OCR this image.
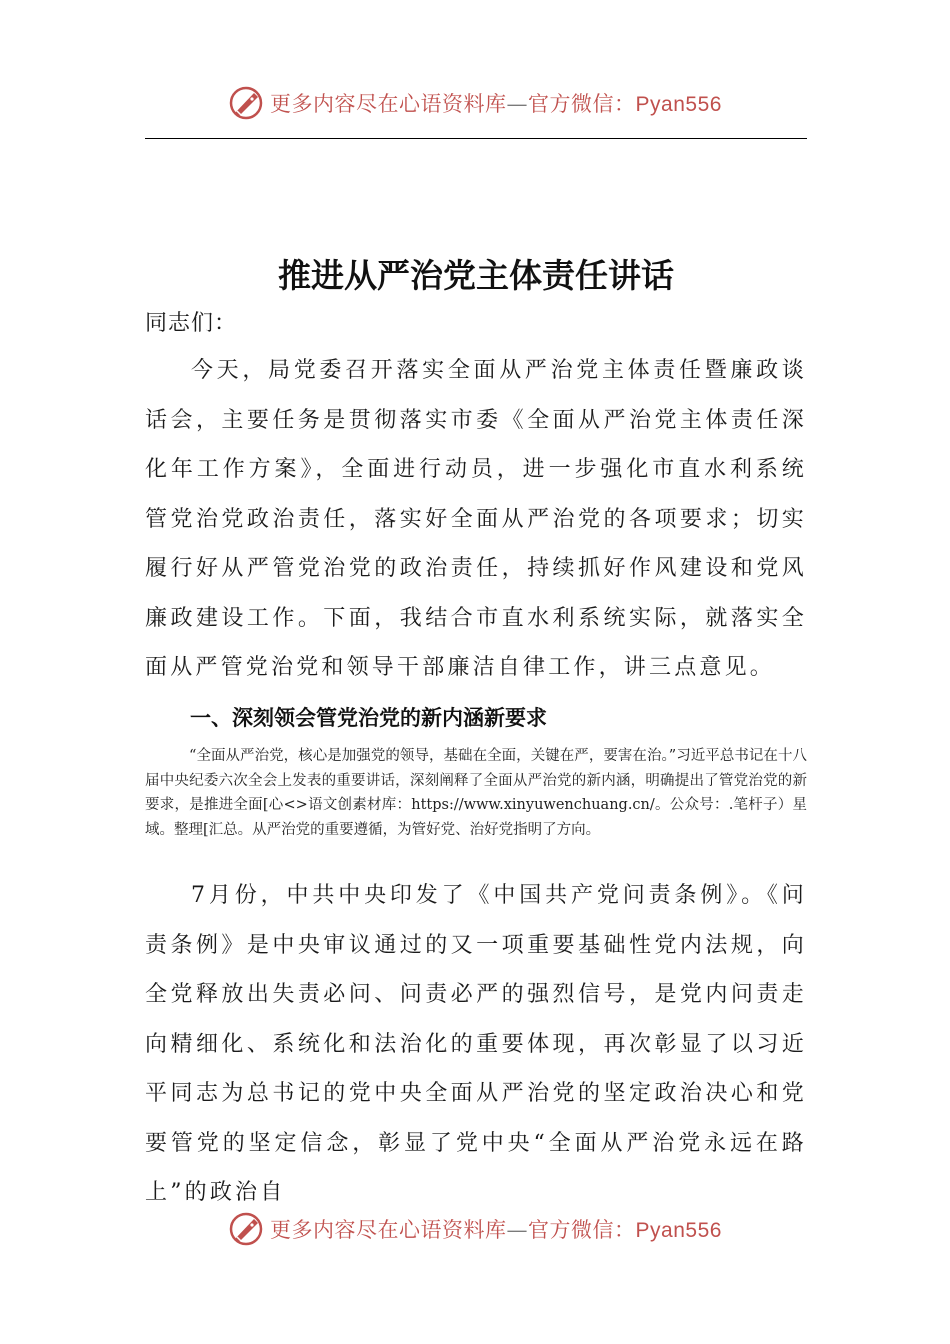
更多内容尽在心语资料库—官方微信：Pyan556
推进从严治党主体责任讲话

同志们：

今天，局党委召开落实全面从严治党主体责任暨廉政谈话会，主要任务是贯彻落实市委《全面从严治党主体责任深化年工作方案》，全面进行动员，进一步强化市直水利系统管党治党政治责任，落实好全面从严治党的各项要求；切实履行好从严管党治党的政治责任，持续抓好作风建设和党风廉政建设工作。下面，我结合市直水利系统实际，就落实全面从严管党治党和领导干部廉洁自律工作，讲三点意见。

一、深刻领会管党治党的新内涵新要求

“全面从严治党，核心是加强党的领导，基础在全面，关键在严，要害在治。”习近平总书记在十八届中央纪委六次全会上发表的重要讲话，深刻阐释了全面从严治党的新内涵，明确提出了管党治党的新要求，是推进全面[心<>语文创素材库：https://www.xinyuwenchuang.cn/。公众号：.笔杆子）星域。整理[汇总。从严治党的重要遵循，为管好党、治好党指明了方向。

7月份，中共中央印发了《中国共产党问责条例》。《问责条例》是中央审议通过的又一项重要基础性党内法规，向全党释放出失责必问、问责必严的强烈信号，是党内问责走向精细化、系统化和法治化的重要体现，再次彰显了以习近平同志为总书记的党中央全面从严治党的坚定政治决心和党要管党的坚定信念，彰显了党中央“全面从严治党永远在路上”的政治自

更多内容尽在心语资料库—官方微信：Pyan556
